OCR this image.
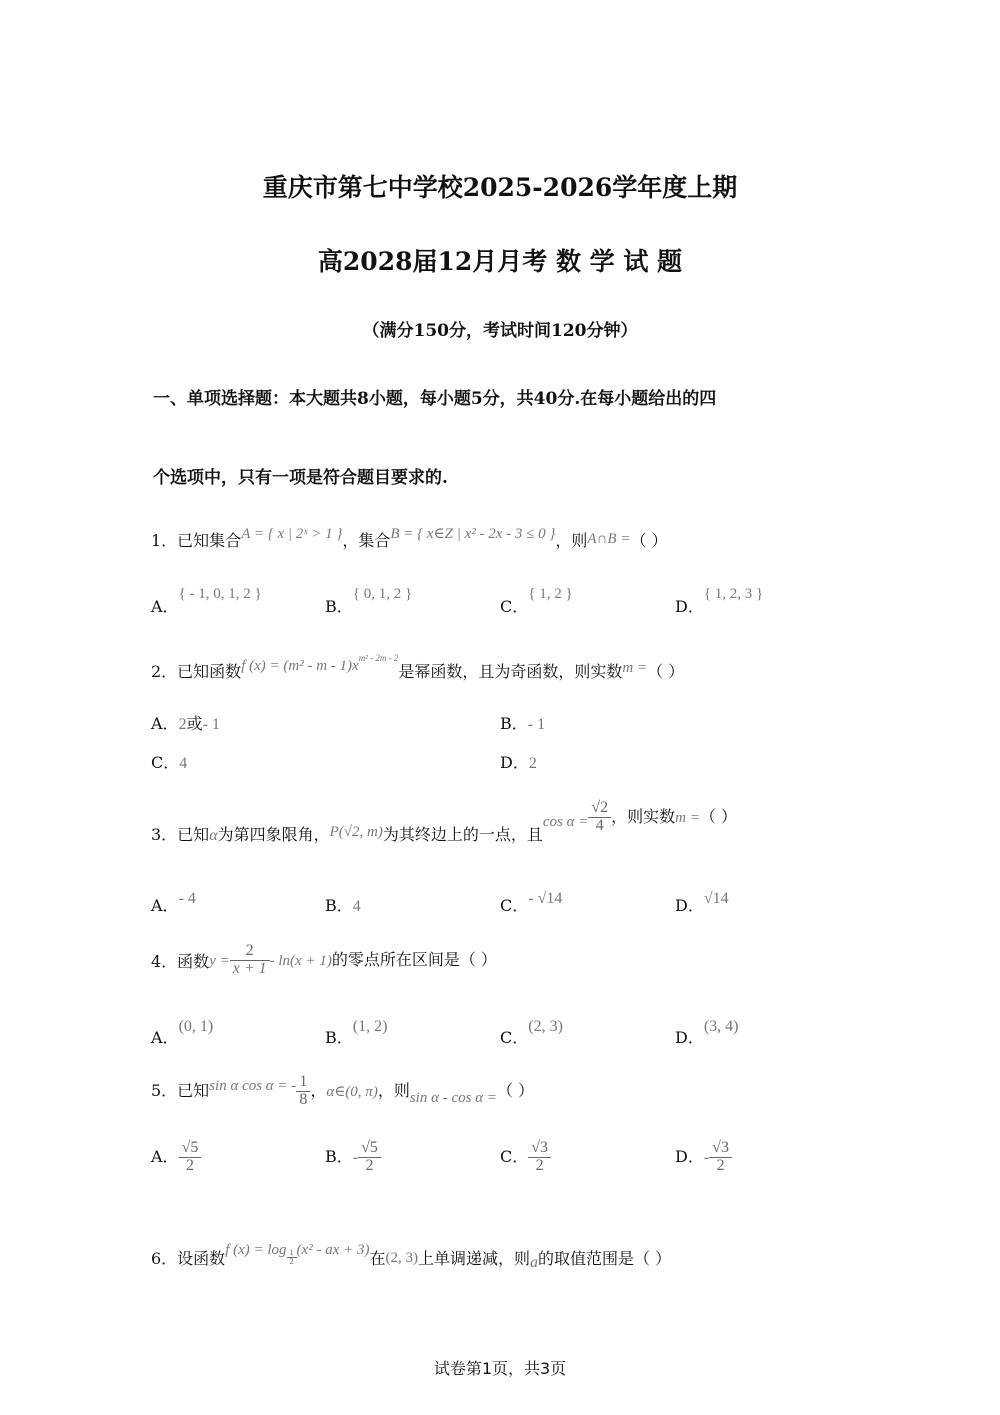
重庆市第七中学校2025-2026学年度上期
高2028届12月月考 数 学 试 题
（满分150分，考试时间120分钟）
一、单项选择题：本大题共8小题，每小题5分，共40分.在每小题给出的四
个选项中，只有一项是符合题目要求的.
1．已知集合A = { x | 2ˣ > 1 }，集合B = { x∈Z | x² - 2x - 3 ≤ 0 }，则A∩B =（ ）
A．{ - 1, 0, 1, 2 }
B．{ 0, 1, 2 }
C．{ 1, 2 }
D．{ 1, 2, 3 }
2．已知函数f $(x) = (m^2 - m - 1)x^{m^2 - 2m - 2}$是幂函数，且为奇函数，则实数m =（ ）
A．2或- 1	B．- 1
C．4	D．2
3．已知α为第四象限角，P(√2, m)为其终边上的一点，且$\cos \alpha = \frac{√2}{4}$ ，则实数m =（ ）
A．- 4	B．4	C．- √14	D．√14
4．函数$y = \frac{2}{x + 1} - \ln(x + 1)$的零点所在区间是（ ）
A．(0, 1)
B．(1, 2)
C．(2, 3)
D．(3, 4)
5．已知sin α cos α = - $\frac{1}{8}$ ，α∈(0, π)，则sin α - cos α =（ ）
A． $\frac{√5}{2}$	B．- $\frac{√5}{2}$	C． $\frac{√3}{2}$	D．- $\frac{√3}{2}$
6．设函数f $(x) = \log \frac{1}{2} (x^2$ - ax + 3)在(2, 3)上单调递减，则a的取值范围是（ ）
试卷第1页，共3页
